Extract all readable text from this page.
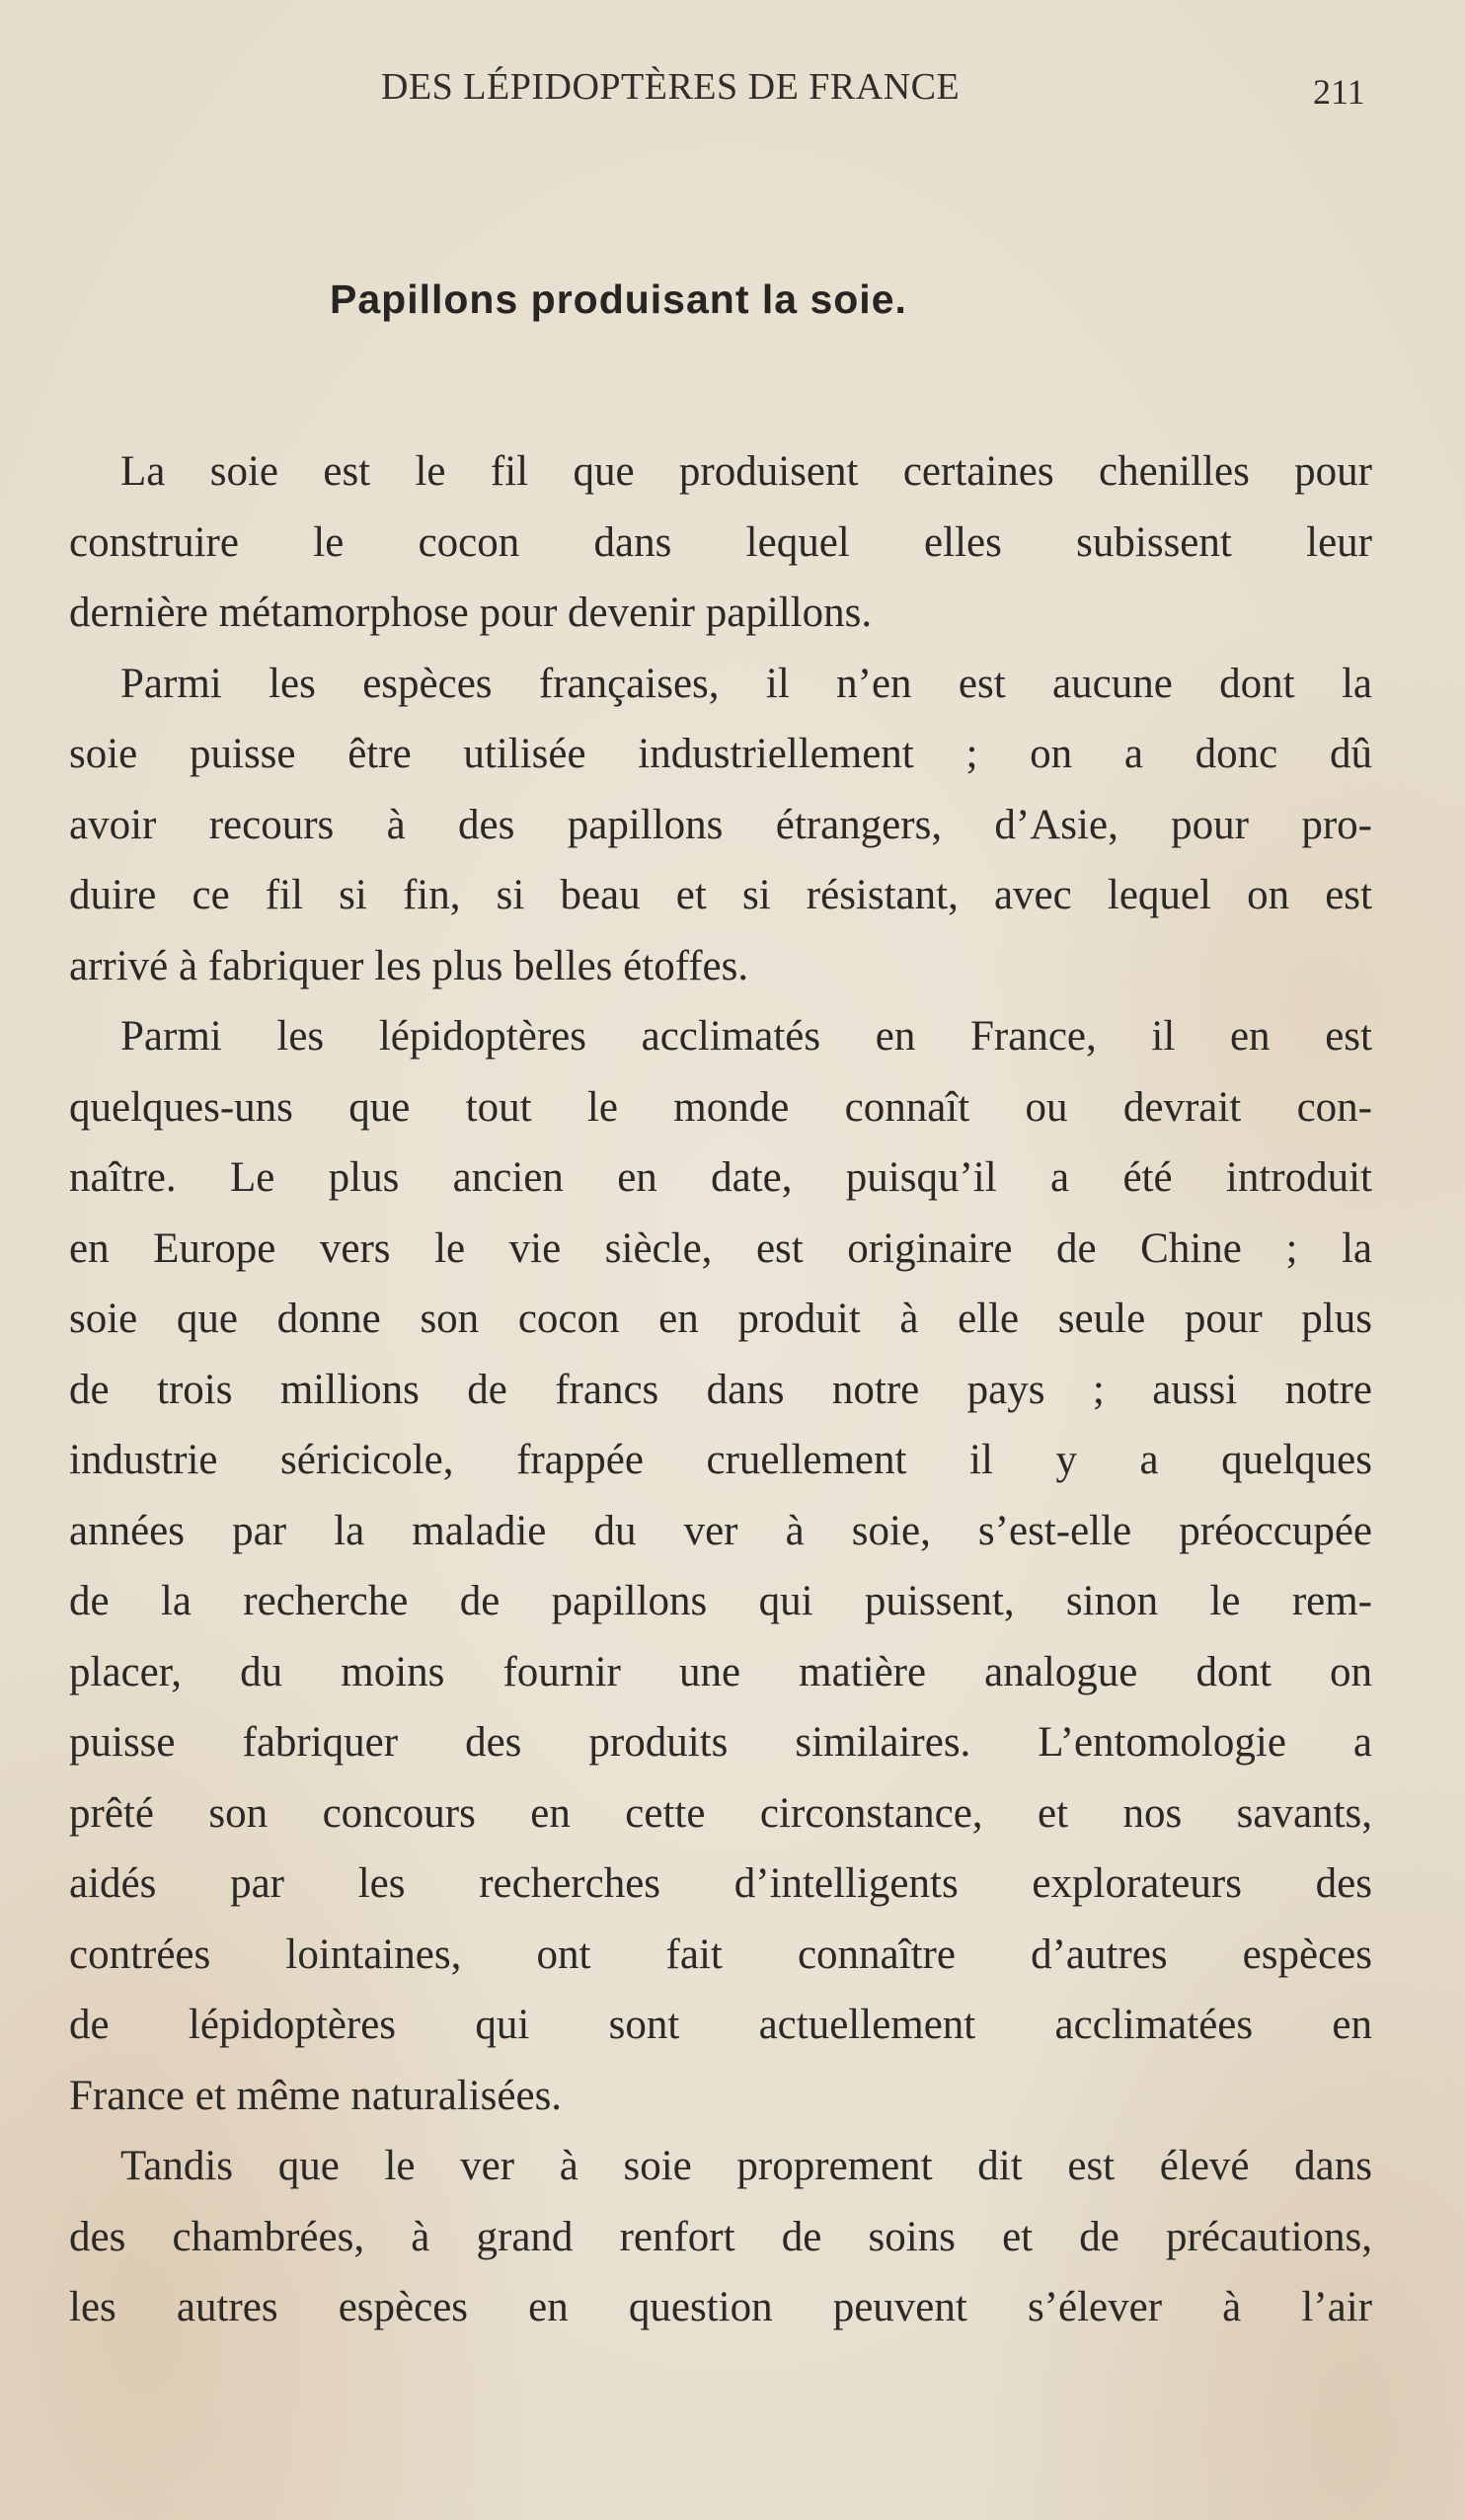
DES LÉPIDOPTÈRES DE FRANCE	211
Papillons produisant la soie.

La soie est le fil que produisent certaines chenilles pour
construire le cocon dans lequel elles subissent leur
dernière métamorphose pour devenir papillons.

Parmi les espèces françaises, il n’en est aucune dont la
soie puisse être utilisée industriellement ; on a donc dû
avoir recours à des papillons étrangers, d’Asie, pour pro-
duire ce fil si fin, si beau et si résistant, avec lequel on est
arrivé à fabriquer les plus belles étoffes.

Parmi les lépidoptères acclimatés en France, il en est
quelques-uns que tout le monde connaît ou devrait con-
naître. Le plus ancien en date, puisqu’il a été introduit
en Europe vers le vie siècle, est originaire de Chine ; la
soie que donne son cocon en produit à elle seule pour plus
de trois millions de francs dans notre pays ; aussi notre
industrie séricicole, frappée cruellement il y a quelques
années par la maladie du ver à soie, s’est-elle préoccupée
de la recherche de papillons qui puissent, sinon le rem-
placer, du moins fournir une matière analogue dont on
puisse fabriquer des produits similaires. L’entomologie a
prêté son concours en cette circonstance, et nos savants,
aidés par les recherches d’intelligents explorateurs des
contrées lointaines, ont fait connaître d’autres espèces
de lépidoptères qui sont actuellement acclimatées en
France et même naturalisées.

Tandis que le ver à soie proprement dit est élevé dans
des chambrées, à grand renfort de soins et de précautions,
les autres espèces en question peuvent s’élever à l’air
